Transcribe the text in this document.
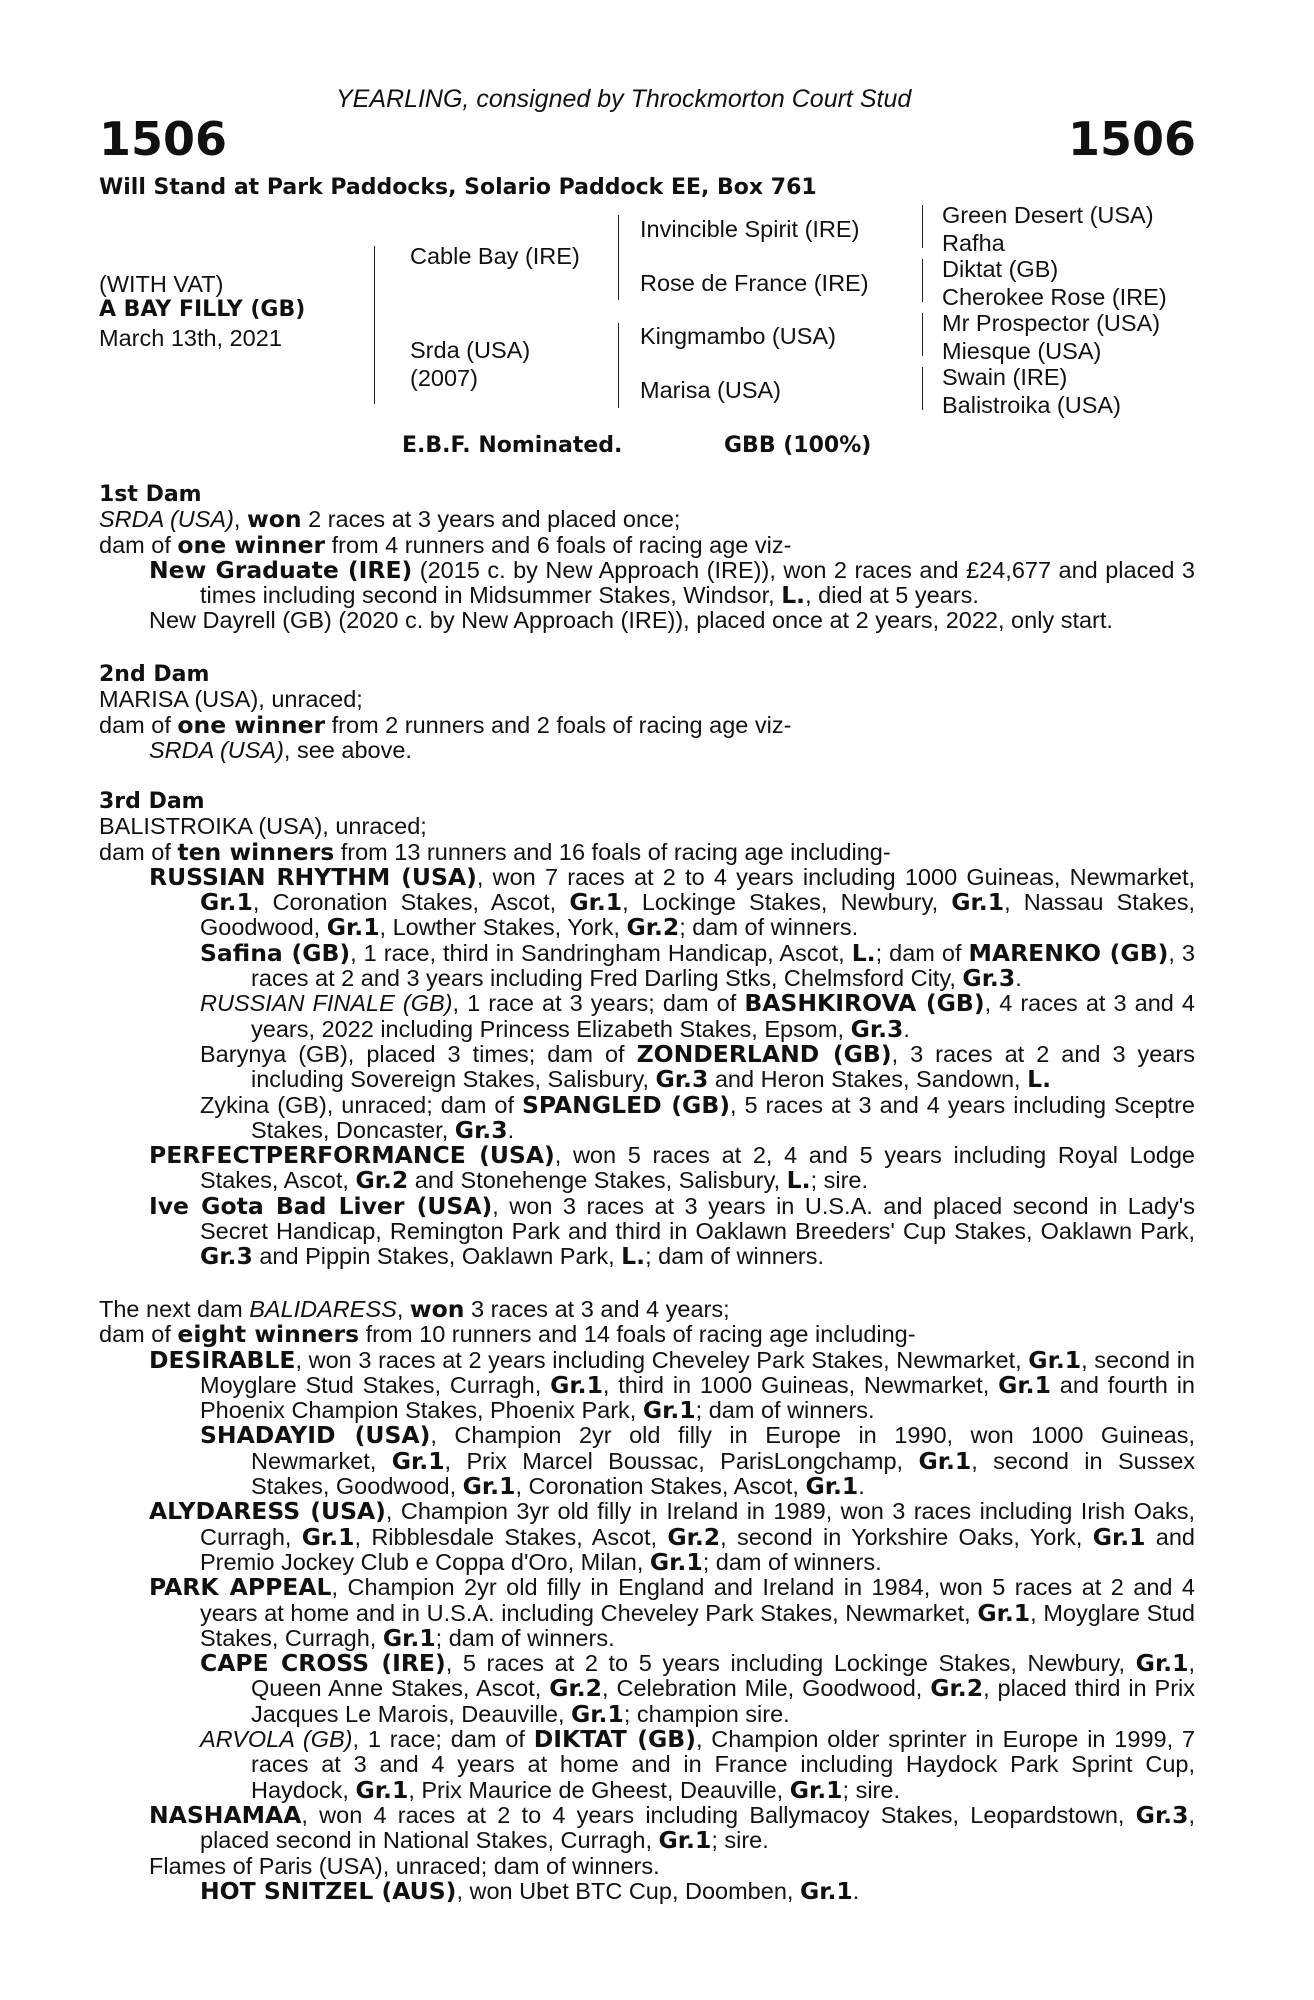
YEARLING, consigned by Throckmorton Court Stud
1506	1506
Will Stand at Park Paddocks, Solario Paddock EE, Box 761
(WITH VAT)
A BAY FILLY (GB)
March 13th, 2021
Cable Bay (IRE)
Srda (USA)
(2007)
Invincible Spirit (IRE)
Rose de France (IRE)
Kingmambo (USA)
Marisa (USA)
Green Desert (USA)
Rafha
Diktat (GB)
Cherokee Rose (IRE)
Mr Prospector (USA)
Miesque (USA)
Swain (IRE)
Balistroika (USA)
E.B.F. Nominated.	GBB (100%)
1st Dam

SRDA (USA), won 2 races at 3 years and placed once;

dam of one winner from 4 runners and 6 foals of racing age viz-

New Graduate (IRE) (2015 c. by New Approach (IRE)), won 2 races and £24,677 and placed 3 times including second in Midsummer Stakes, Windsor, L., died at 5 years.

New Dayrell (GB) (2020 c. by New Approach (IRE)), placed once at 2 years, 2022, only start.

2nd Dam

MARISA (USA), unraced;

dam of one winner from 2 runners and 2 foals of racing age viz-

SRDA (USA), see above.

3rd Dam

BALISTROIKA (USA), unraced;

dam of ten winners from 13 runners and 16 foals of racing age including-

RUSSIAN RHYTHM (USA), won 7 races at 2 to 4 years including 1000 Guineas, Newmarket, Gr.1, Coronation Stakes, Ascot, Gr.1, Lockinge Stakes, Newbury, Gr.1, Nassau Stakes, Goodwood, Gr.1, Lowther Stakes, York, Gr.2; dam of winners.

Safina (GB), 1 race, third in Sandringham Handicap, Ascot, L.; dam of MARENKO (GB), 3 races at 2 and 3 years including Fred Darling Stks, Chelmsford City, Gr.3.

RUSSIAN FINALE (GB), 1 race at 3 years; dam of BASHKIROVA (GB), 4 races at 3 and 4 years, 2022 including Princess Elizabeth Stakes, Epsom, Gr.3.

Barynya (GB), placed 3 times; dam of ZONDERLAND (GB), 3 races at 2 and 3 years including Sovereign Stakes, Salisbury, Gr.3 and Heron Stakes, Sandown, L.

Zykina (GB), unraced; dam of SPANGLED (GB), 5 races at 3 and 4 years including Sceptre Stakes, Doncaster, Gr.3.

PERFECTPERFORMANCE (USA), won 5 races at 2, 4 and 5 years including Royal Lodge Stakes, Ascot, Gr.2 and Stonehenge Stakes, Salisbury, L.; sire.

Ive Gota Bad Liver (USA), won 3 races at 3 years in U.S.A. and placed second in Lady's Secret Handicap, Remington Park and third in Oaklawn Breeders' Cup Stakes, Oaklawn Park, Gr.3 and Pippin Stakes, Oaklawn Park, L.; dam of winners.

The next dam BALIDARESS, won 3 races at 3 and 4 years;

dam of eight winners from 10 runners and 14 foals of racing age including-

DESIRABLE, won 3 races at 2 years including Cheveley Park Stakes, Newmarket, Gr.1, second in Moyglare Stud Stakes, Curragh, Gr.1, third in 1000 Guineas, Newmarket, Gr.1 and fourth in Phoenix Champion Stakes, Phoenix Park, Gr.1; dam of winners.

SHADAYID (USA), Champion 2yr old filly in Europe in 1990, won 1000 Guineas, Newmarket, Gr.1, Prix Marcel Boussac, ParisLongchamp, Gr.1, second in Sussex Stakes, Goodwood, Gr.1, Coronation Stakes, Ascot, Gr.1.

ALYDARESS (USA), Champion 3yr old filly in Ireland in 1989, won 3 races including Irish Oaks, Curragh, Gr.1, Ribblesdale Stakes, Ascot, Gr.2, second in Yorkshire Oaks, York, Gr.1 and Premio Jockey Club e Coppa d'Oro, Milan, Gr.1; dam of winners.

PARK APPEAL, Champion 2yr old filly in England and Ireland in 1984, won 5 races at 2 and 4 years at home and in U.S.A. including Cheveley Park Stakes, Newmarket, Gr.1, Moyglare Stud Stakes, Curragh, Gr.1; dam of winners.

CAPE CROSS (IRE), 5 races at 2 to 5 years including Lockinge Stakes, Newbury, Gr.1, Queen Anne Stakes, Ascot, Gr.2, Celebration Mile, Goodwood, Gr.2, placed third in Prix Jacques Le Marois, Deauville, Gr.1; champion sire.

ARVOLA (GB), 1 race; dam of DIKTAT (GB), Champion older sprinter in Europe in 1999, 7 races at 3 and 4 years at home and in France including Haydock Park Sprint Cup, Haydock, Gr.1, Prix Maurice de Gheest, Deauville, Gr.1; sire.

NASHAMAA, won 4 races at 2 to 4 years including Ballymacoy Stakes, Leopardstown, Gr.3, placed second in National Stakes, Curragh, Gr.1; sire.

Flames of Paris (USA), unraced; dam of winners.

HOT SNITZEL (AUS), won Ubet BTC Cup, Doomben, Gr.1.
